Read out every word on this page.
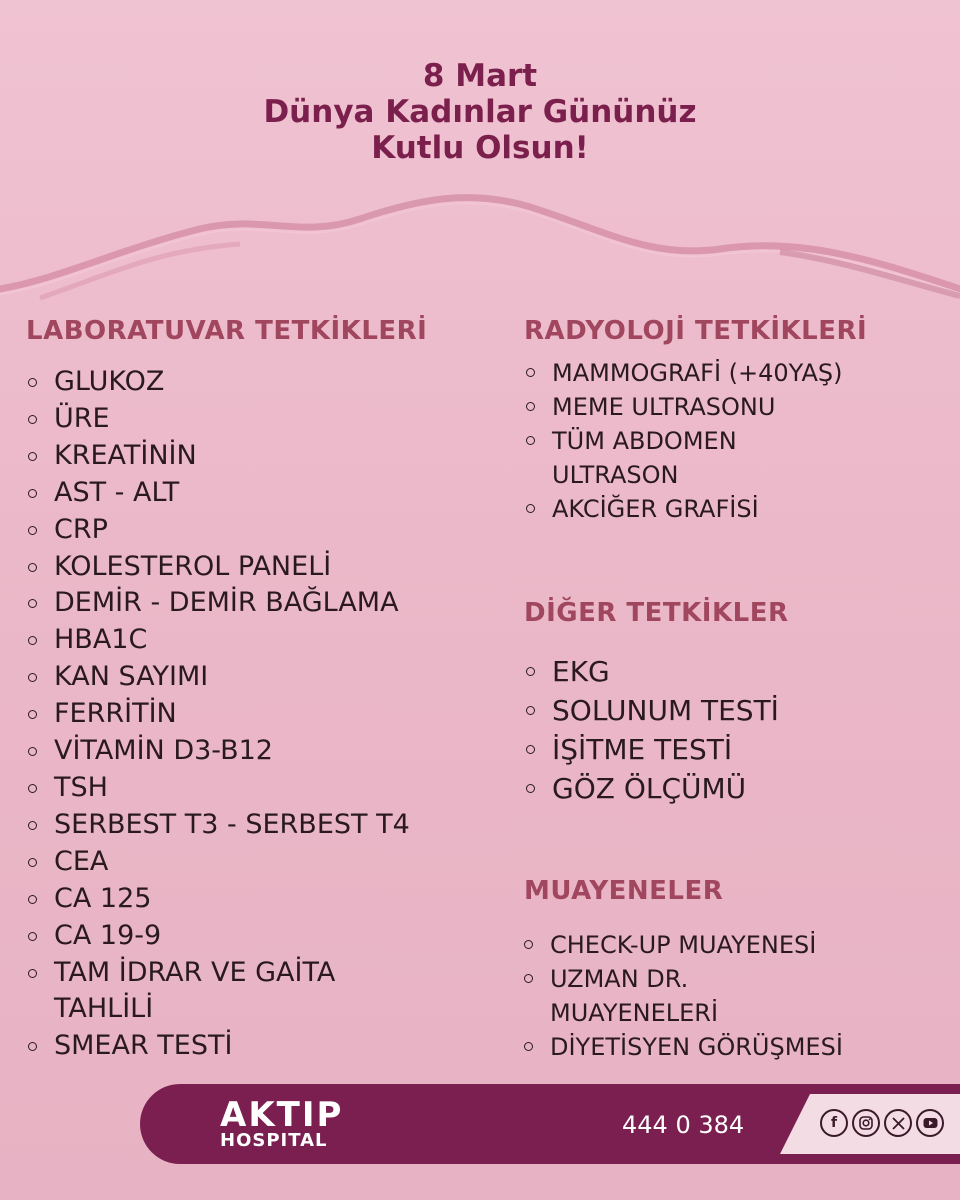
8 Mart
Dünya Kadınlar Gününüz
Kutlu Olsun!
LABORATUVAR TETKİKLERİ
GLUKOZ
ÜRE
KREATİNİN
AST - ALT
CRP
KOLESTEROL PANELİ
DEMİR - DEMİR BAĞLAMA
HBA1C
KAN SAYIMI
FERRİTİN
VİTAMİN D3-B12
TSH
SERBEST T3 - SERBEST T4
CEA
CA 125
CA 19-9
TAM İDRAR VE GAİTA
TAHLİLİ
SMEAR TESTİ
RADYOLOJİ TETKİKLERİ
MAMMOGRAFİ (+40YAŞ)
MEME ULTRASONU
TÜM ABDOMEN
ULTRASON
AKCİĞER GRAFİSİ
DİĞER TETKİKLER
EKG
SOLUNUM TESTİ
İŞİTME TESTİ
GÖZ ÖLÇÜMÜ
MUAYENELER
CHECK-UP MUAYENESİ
UZMAN DR.
MUAYENELERİ
DİYETİSYEN GÖRÜŞMESİ
AKTIP
HOSPITAL
444 0 384	f
